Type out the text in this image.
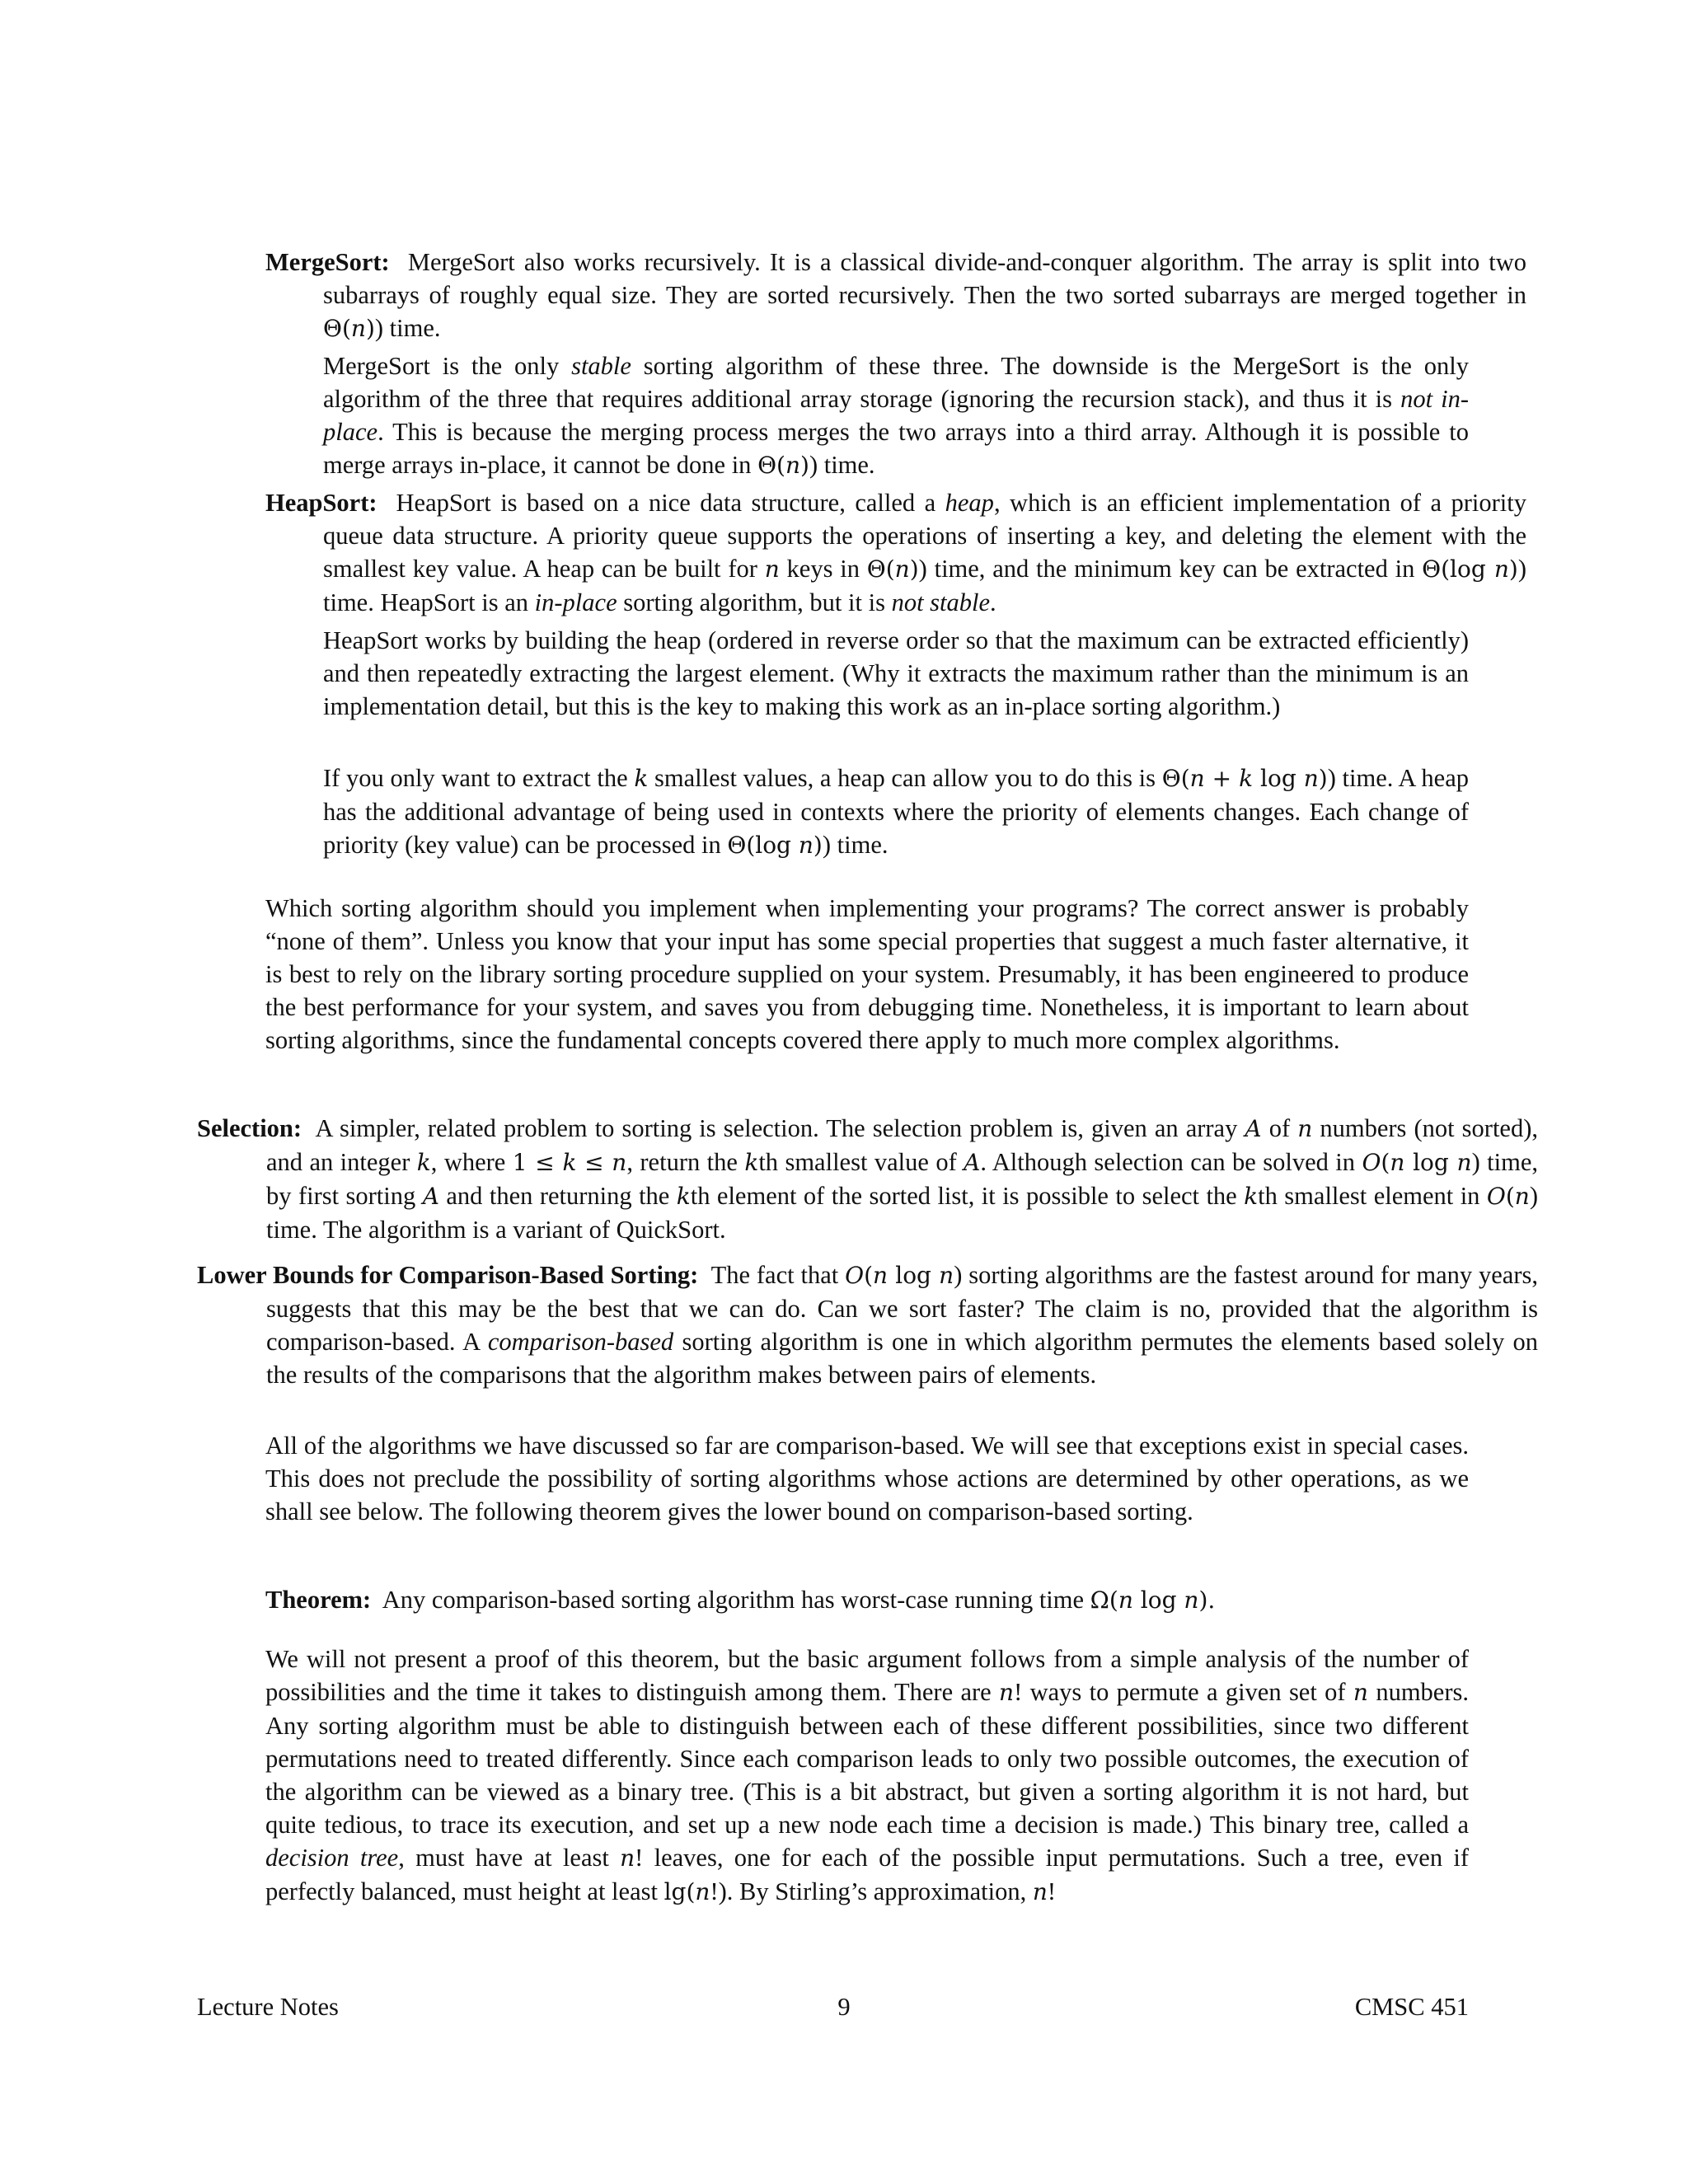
MergeSort: MergeSort also works recursively. It is a classical divide-and-conquer algorithm. The array is split into two subarrays of roughly equal size. They are sorted recursively. Then the two sorted subarrays are merged together in Θ(n)) time.

MergeSort is the only stable sorting algorithm of these three. The downside is the MergeSort is the only algorithm of the three that requires additional array storage (ignoring the recursion stack), and thus it is not in-place. This is because the merging process merges the two arrays into a third array. Although it is possible to merge arrays in-place, it cannot be done in Θ(n)) time.

HeapSort: HeapSort is based on a nice data structure, called a heap, which is an efficient implementation of a priority queue data structure. A priority queue supports the operations of inserting a key, and deleting the element with the smallest key value. A heap can be built for n keys in Θ(n)) time, and the minimum key can be extracted in Θ(log n)) time. HeapSort is an in-place sorting algorithm, but it is not stable.

HeapSort works by building the heap (ordered in reverse order so that the maximum can be extracted efficiently) and then repeatedly extracting the largest element. (Why it extracts the maximum rather than the minimum is an implementation detail, but this is the key to making this work as an in-place sorting algorithm.)

If you only want to extract the k smallest values, a heap can allow you to do this is Θ(n + k log n)) time. A heap has the additional advantage of being used in contexts where the priority of elements changes. Each change of priority (key value) can be processed in Θ(log n)) time.

Which sorting algorithm should you implement when implementing your programs? The correct answer is probably “none of them”. Unless you know that your input has some special properties that suggest a much faster alternative, it is best to rely on the library sorting procedure supplied on your system. Presumably, it has been engineered to produce the best performance for your system, and saves you from debugging time. Nonetheless, it is important to learn about sorting algorithms, since the fundamental concepts covered there apply to much more complex algorithms.

Selection: A simpler, related problem to sorting is selection. The selection problem is, given an array A of n numbers (not sorted), and an integer k, where 1 ≤ k ≤ n, return the kth smallest value of A. Although selection can be solved in O(n log n) time, by first sorting A and then returning the kth element of the sorted list, it is possible to select the kth smallest element in O(n) time. The algorithm is a variant of QuickSort.

Lower Bounds for Comparison-Based Sorting: The fact that O(n log n) sorting algorithms are the fastest around for many years, suggests that this may be the best that we can do. Can we sort faster? The claim is no, provided that the algorithm is comparison-based. A comparison-based sorting algorithm is one in which algorithm permutes the elements based solely on the results of the comparisons that the algorithm makes between pairs of elements.

All of the algorithms we have discussed so far are comparison-based. We will see that exceptions exist in special cases. This does not preclude the possibility of sorting algorithms whose actions are determined by other operations, as we shall see below. The following theorem gives the lower bound on comparison-based sorting.

Theorem: Any comparison-based sorting algorithm has worst-case running time Ω(n log n).

We will not present a proof of this theorem, but the basic argument follows from a simple analysis of the number of possibilities and the time it takes to distinguish among them. There are n! ways to permute a given set of n numbers. Any sorting algorithm must be able to distinguish between each of these different possibilities, since two different permutations need to treated differently. Since each comparison leads to only two possible outcomes, the execution of the algorithm can be viewed as a binary tree. (This is a bit abstract, but given a sorting algorithm it is not hard, but quite tedious, to trace its execution, and set up a new node each time a decision is made.) This binary tree, called a decision tree, must have at least n! leaves, one for each of the possible input permutations. Such a tree, even if perfectly balanced, must height at least lg(n!). By Stirling’s approximation, n!

Lecture Notes	9	CMSC 451
